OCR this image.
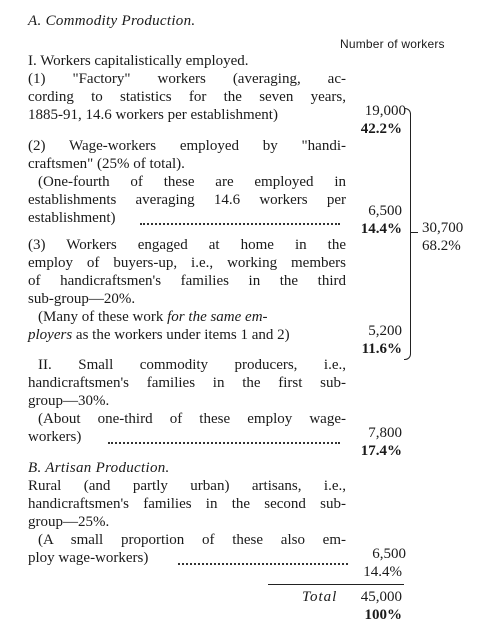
A. Commodity Production.
Number of workers
I. Workers capitalistically employed.
(1) "Factory" workers (averaging, ac-
cording to statistics for the seven years,
1885-91, 14.6 workers per establishment)	19,000
42.2%
(2) Wage-workers employed by "handi-
craftsmen" (25% of total).
(One-fourth of these are employed in
establishments averaging 14.6 workers per
establishment)	6,500
14.4%
(3) Workers engaged at home in the
employ of buyers-up, i.e., working members
of handicraftsmen's families in the third
sub-group—20%.
(Many of these work for the same em-
ployers as the workers under items 1 and 2)	5,200
11.6%
30,700
68.2%
II. Small commodity producers, i.e.,
handicraftsmen's families in the first sub-
group—30%.
(About one-third of these employ wage-
workers)	7,800
17.4%
B. Artisan Production.
Rural (and partly urban) artisans, i.e.,
handicraftsmen's families in the second sub-
group—25%.
(A small proportion of these also em-
ploy wage-workers)	6,500
14.4%
Total	45,000
100%
